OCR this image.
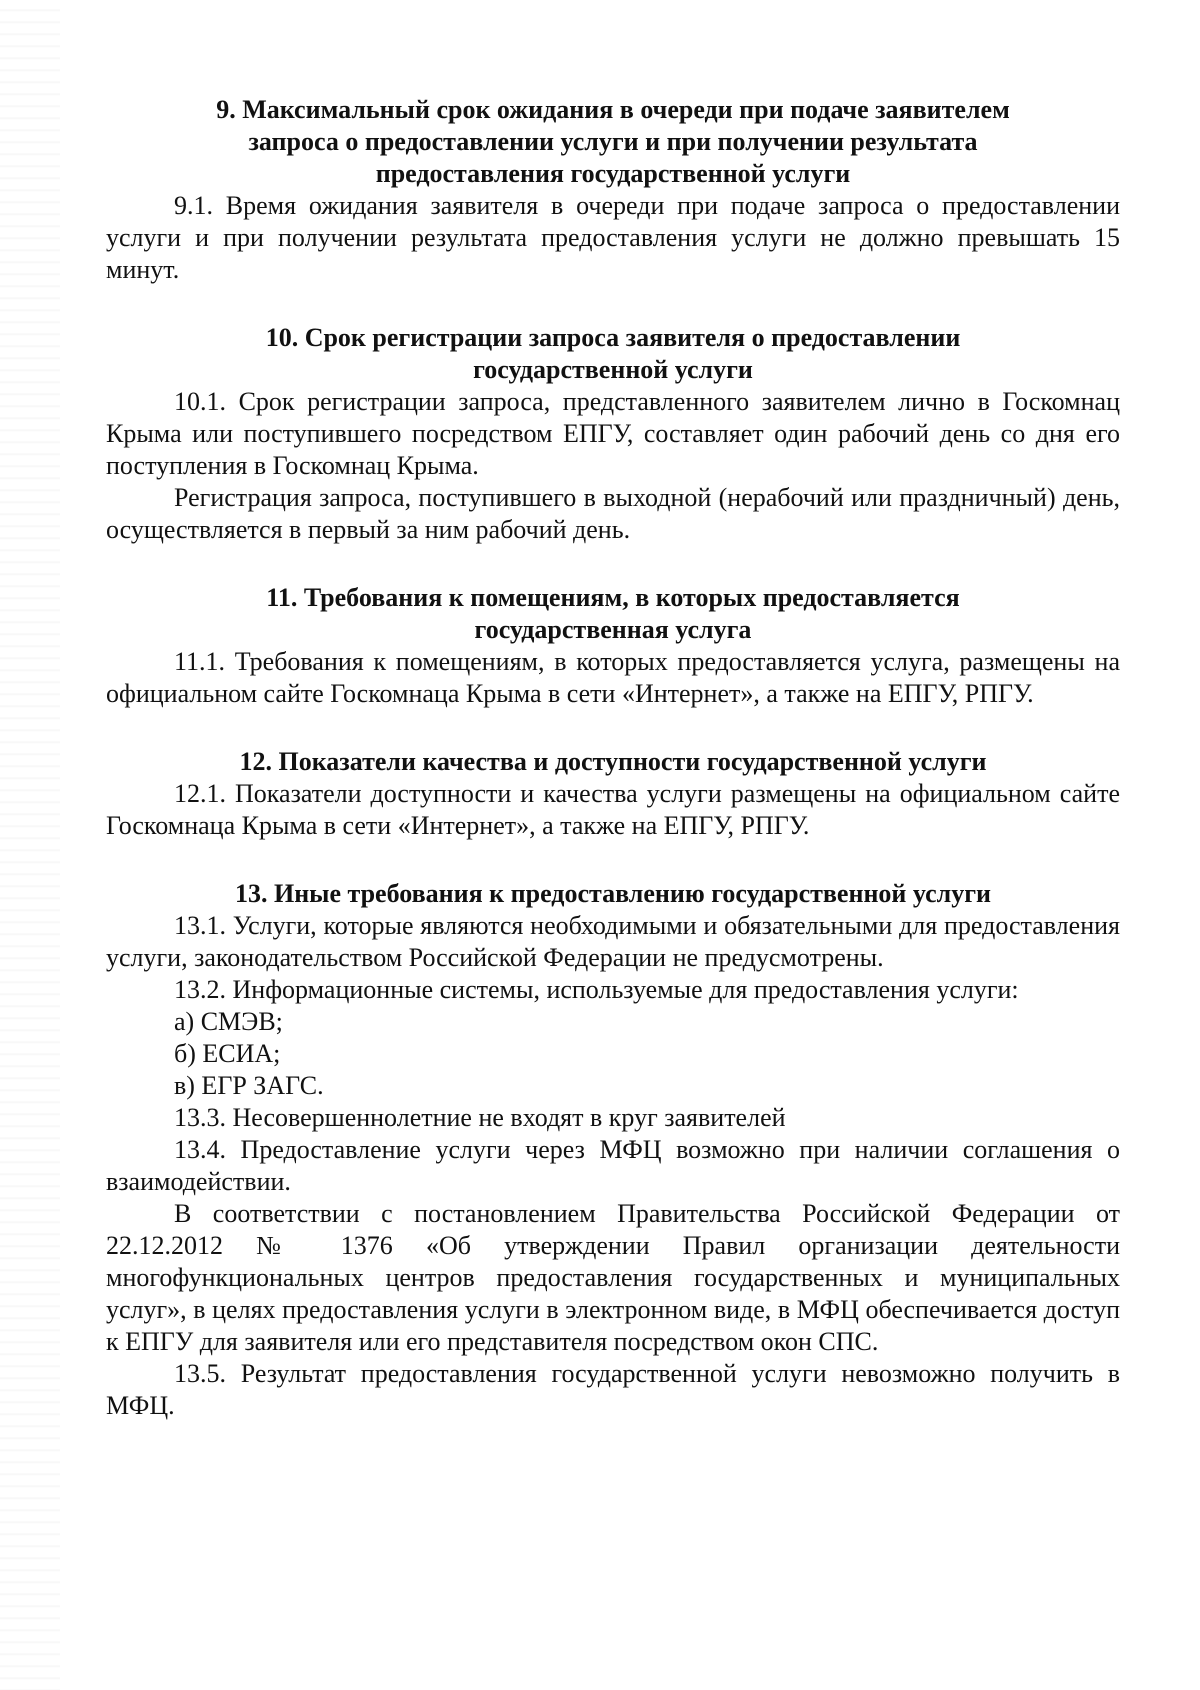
9. Максимальный срок ожидания в очереди при подаче заявителем

запроса о предоставлении услуги и при получении результата

предоставления государственной услуги

9.1. Время ожидания заявителя в очереди при подаче запроса о предоставлении услуги и при получении результата предоставления услуги не должно превышать 15 минут.

10. Срок регистрации запроса заявителя о предоставлении

государственной услуги

10.1. Срок регистрации запроса, представленного заявителем лично в Госкомнац Крыма или поступившего посредством ЕПГУ, составляет один рабочий день со дня его поступления в Госкомнац Крыма.

Регистрация запроса, поступившего в выходной (нерабочий или праздничный) день, осуществляется в первый за ним рабочий день.

11. Требования к помещениям, в которых предоставляется

государственная услуга

11.1. Требования к помещениям, в которых предоставляется услуга, размещены на официальном сайте Госкомнаца Крыма в сети «Интернет», а также на ЕПГУ, РПГУ.

12. Показатели качества и доступности государственной услуги

12.1. Показатели доступности и качества услуги размещены на официальном сайте Госкомнаца Крыма в сети «Интернет», а также на ЕПГУ, РПГУ.

13. Иные требования к предоставлению государственной услуги

13.1. Услуги, которые являются необходимыми и обязательными для предоставления услуги, законодательством Российской Федерации не предусмотрены.

13.2. Информационные системы, используемые для предоставления услуги:

а) СМЭВ;

б) ЕСИА;

в) ЕГР ЗАГС.

13.3. Несовершеннолетние не входят в круг заявителей

13.4. Предоставление услуги через МФЦ возможно при наличии соглашения о взаимодействии.

В соответствии с постановлением Правительства Российской Федерации от 22.12.2012 № 1376 «Об утверждении Правил организации деятельности многофункциональных центров предоставления государственных и муниципальных услуг», в целях предоставления услуги в электронном виде, в МФЦ обеспечивается доступ к ЕПГУ для заявителя или его представителя посредством окон СПС.

13.5. Результат предоставления государственной услуги невозможно получить в МФЦ.
